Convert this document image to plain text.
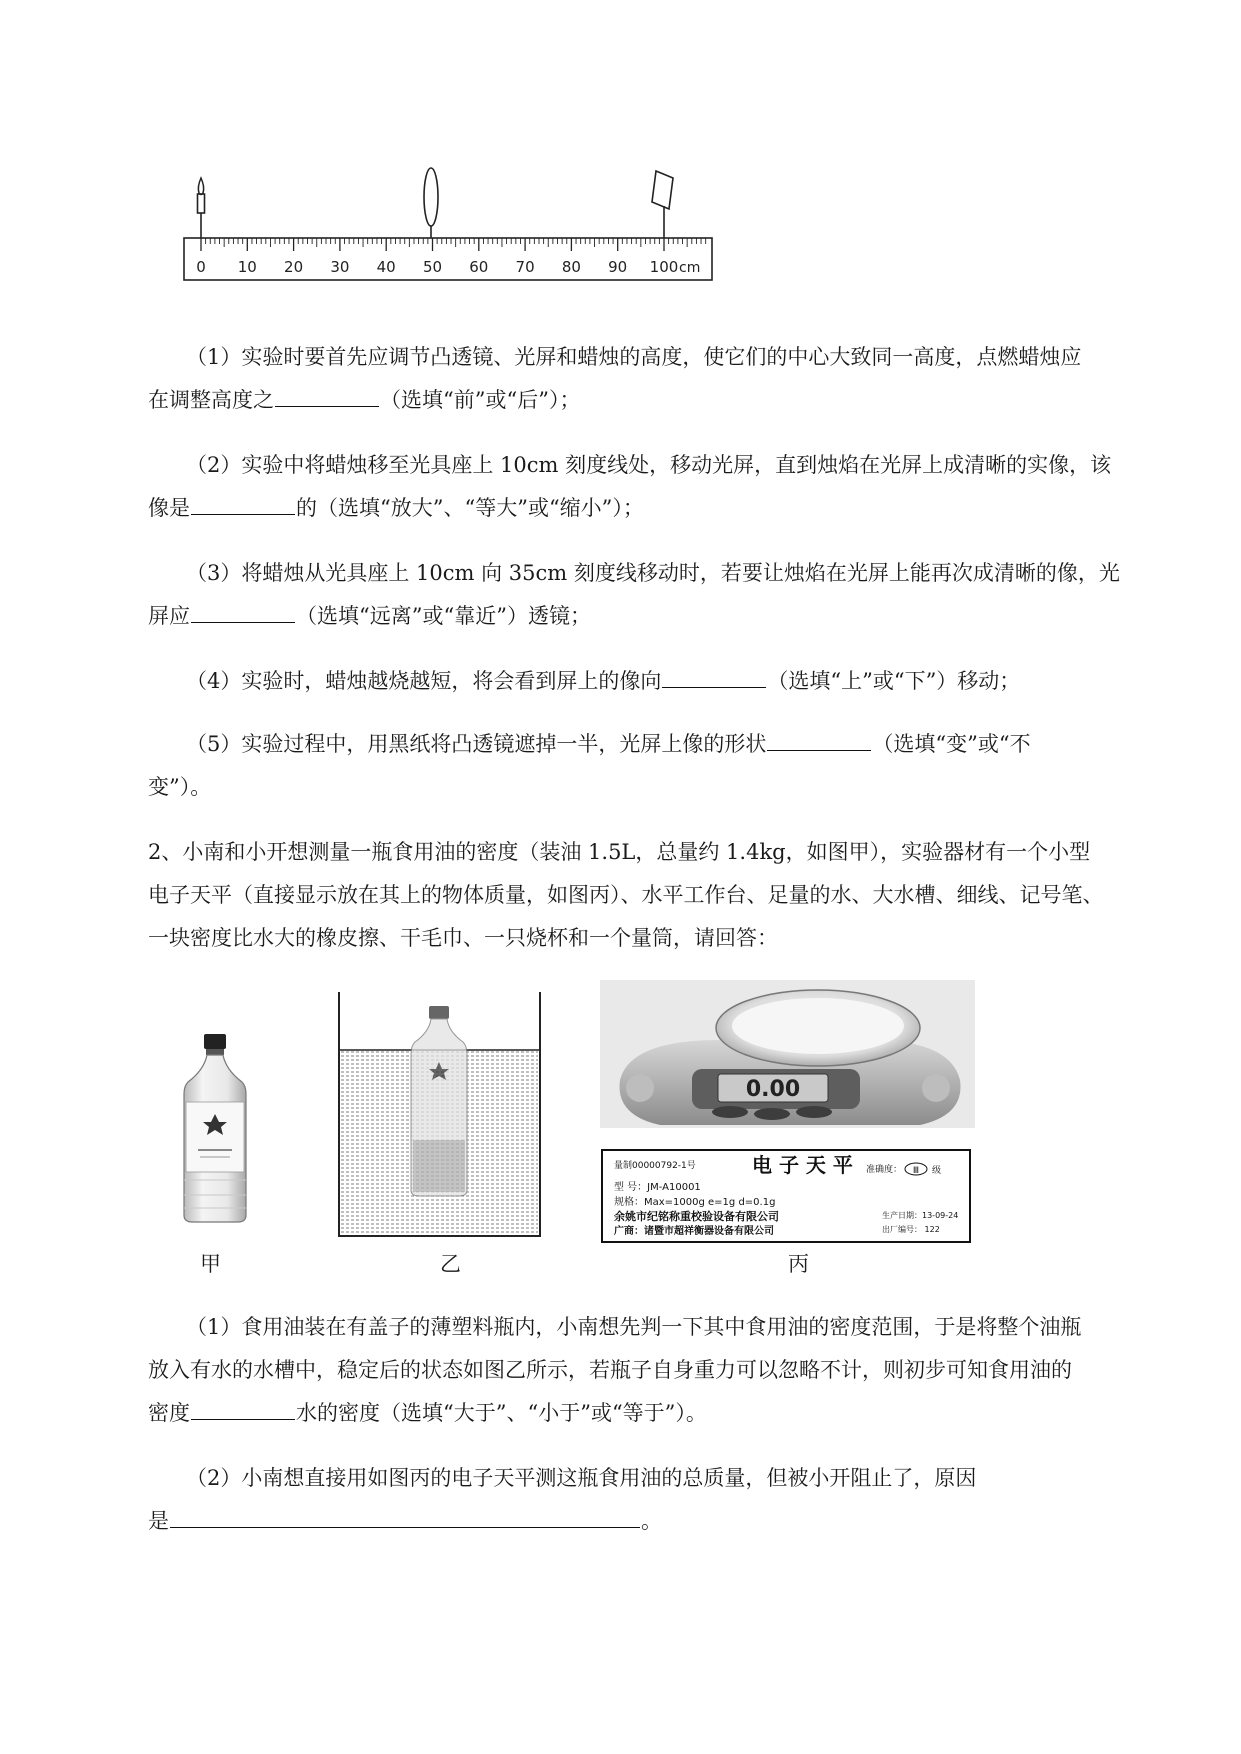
0 10 20 30 40 50 60 70 80 90 100 cm

（1）实验时要首先应调节凸透镜、光屏和蜡烛的高度，使它们的中心大致同一高度，点燃蜡烛应
在调整高度之	（选填“前”或“后”）；

（2）实验中将蜡烛移至光具座上 10cm 刻度线处，移动光屏，直到烛焰在光屏上成清晰的实像，该
像是	的（选填“放大”、“等大”或“缩小”）；

（3）将蜡烛从光具座上 10cm 向 35cm 刻度线移动时，若要让烛焰在光屏上能再次成清晰的像，光
屏应	（选填“远离”或“靠近”）透镜；

（4）实验时，蜡烛越烧越短，将会看到屏上的像向	（选填“上”或“下”）移动；

（5）实验过程中，用黑纸将凸透镜遮掉一半，光屏上像的形状	（选填“变”或“不
变”）。

2、小南和小开想测量一瓶食用油的密度（装油 1.5L，总量约 1.4kg，如图甲），实验器材有一个小型
电子天平（直接显示放在其上的物体质量，如图丙）、水平工作台、足量的水、大水槽、细线、记号笔、
一块密度比水大的橡皮擦、干毛巾、一只烧杯和一个量筒，请回答：

甲	乙
0.00
量制00000792-1号	电 子 天 平 准确度： Ⅲ 级
型 号：JM-A10001
规格：Max=1000g e=1g d=0.1g
余姚市纪铭称重校验设备有限公司
广商：诸暨市超祥衡器设备有限公司
生产日期：13-09-24
出厂编号： 122
丙

（1）食用油装在有盖子的薄塑料瓶内，小南想先判一下其中食用油的密度范围，于是将整个油瓶
放入有水的水槽中，稳定后的状态如图乙所示，若瓶子自身重力可以忽略不计，则初步可知食用油的
密度	水的密度（选填“大于”、“小于”或“等于”）。

（2）小南想直接用如图丙的电子天平测这瓶食用油的总质量，但被小开阻止了，原因
是	。
